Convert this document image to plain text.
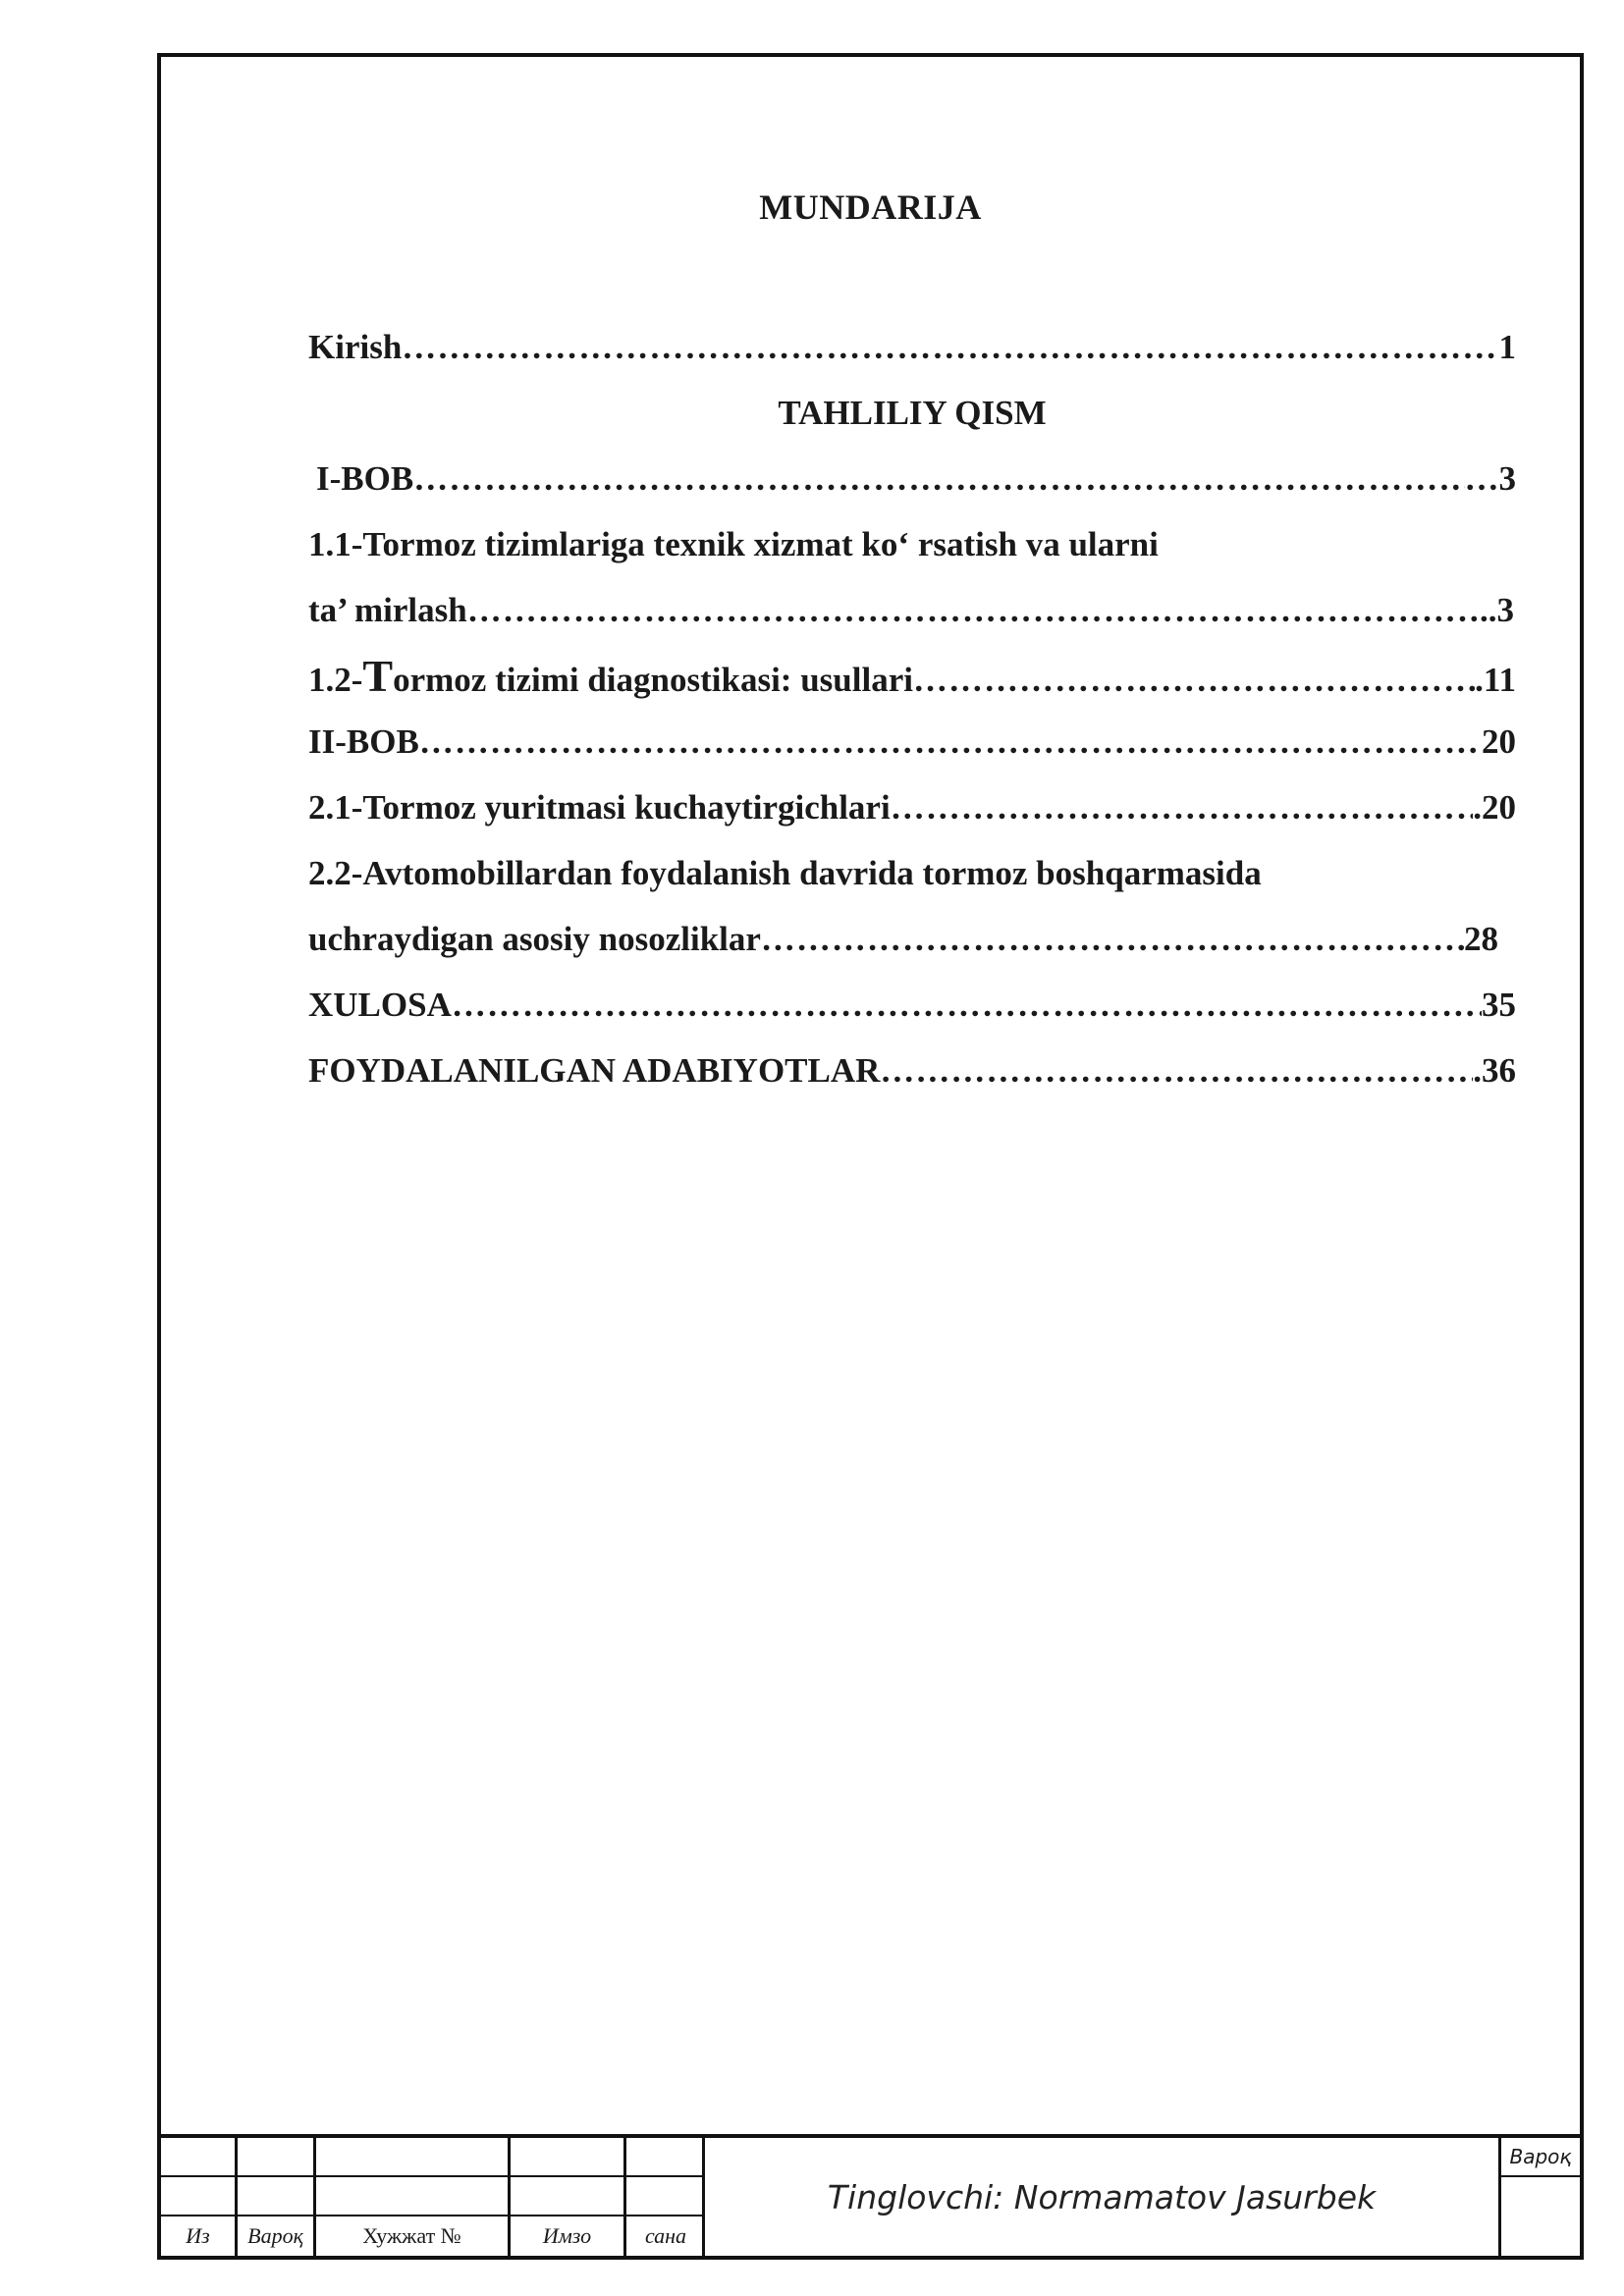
MUNDARIJA
Kirish ……………………………………………………………………………………………………………………………………………………………………………	1
TAHLILIY QISM
I-BOB ……………………………………………………………………………………………………………………………………………………………………………	…3
1.1-Tormoz tizimlariga texnik xizmat ko‘ rsatish va ularni
ta’ mirlash ……………………………………………………………………………………………………………………………………………………………………………	..3
1.2-Tormoz tizimi diagnostikasi: usullari ……………………………………………………………………………………………………………………………………………………………………………	.11
II-BOB ……………………………………………………………………………………………………………………………………………………………………………	20
2.1-Tormoz yuritmasi kuchaytirgichlari ……………………………………………………………………………………………………………………………………………………………………………	.20
2.2-Avtomobillardan foydalanish davrida tormoz boshqarmasida
uchraydigan asosiy nosozliklar ……………………………………………………………………………………………………………………………………………………………………………	28
XULOSA ……………………………………………………………………………………………………………………………………………………………………………	35
FOYDALANILGAN ADABIYOTLAR ……………………………………………………………………………………………………………………………………………………………………………	.36
Из	Вароқ	Хужжат №	Имзо	сана
Tinglovchi: Normamatov Jasurbek
Вароқ
